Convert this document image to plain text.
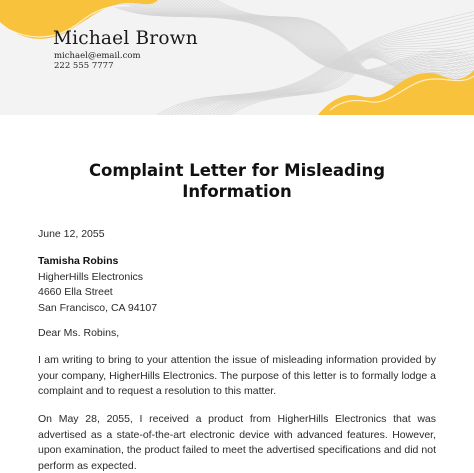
Michael Brown
michael@email.com
222 555 7777
Complaint Letter for Misleading
Information
June 12, 2055
Tamisha Robins
HigherHills Electronics
4660 Ella Street
San Francisco, CA 94107
Dear Ms. Robins,
I am writing to bring to your attention the issue of misleading information provided by your company, HigherHills Electronics. The purpose of this letter is to formally lodge a complaint and to request a resolution to this matter.
On May 28, 2055, I received a product from HigherHills Electronics that was advertised as a state-of-the-art electronic device with advanced features. However, upon examination, the product failed to meet the advertised specifications and did not perform as expected.
